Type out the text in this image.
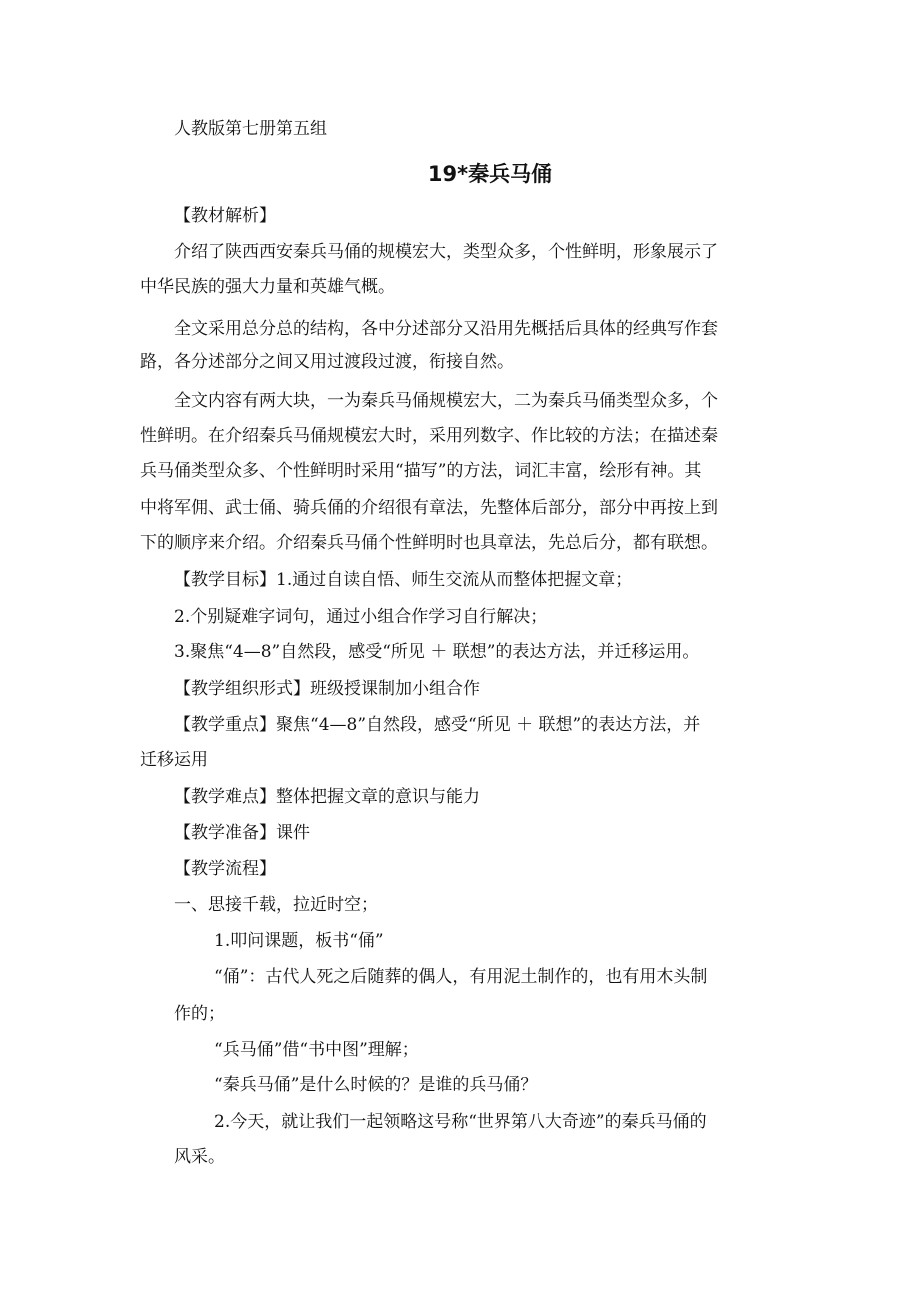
人教版第七册第五组

19*秦兵马俑

【教材解析】

介绍了陕西西安秦兵马俑的规模宏大，类型众多，个性鲜明，形象展示了

中华民族的强大力量和英雄气概。

全文采用总分总的结构，各中分述部分又沿用先概括后具体的经典写作套

路，各分述部分之间又用过渡段过渡，衔接自然。

全文内容有两大块，一为秦兵马俑规模宏大，二为秦兵马俑类型众多，个

性鲜明。在介绍秦兵马俑规模宏大时，采用列数字、作比较的方法；在描述秦

兵马俑类型众多、个性鲜明时采用“描写”的方法，词汇丰富，绘形有神。其

中将军佣、武士俑、骑兵俑的介绍很有章法，先整体后部分，部分中再按上到

下的顺序来介绍。介绍秦兵马俑个性鲜明时也具章法，先总后分，都有联想。

【教学目标】1.通过自读自悟、师生交流从而整体把握文章；

2.个别疑难字词句，通过小组合作学习自行解决；

3.聚焦“4—8”自然段，感受“所见 ＋ 联想”的表达方法，并迁移运用。

【教学组织形式】班级授课制加小组合作

【教学重点】聚焦“4—8”自然段，感受“所见 ＋ 联想”的表达方法，并

迁移运用

【教学难点】整体把握文章的意识与能力

【教学准备】课件

【教学流程】

一、思接千载，拉近时空；

1.叩问课题，板书“俑”

“俑”：古代人死之后随葬的偶人，有用泥土制作的，也有用木头制

作的；

“兵马俑”借“书中图”理解；

“秦兵马俑”是什么时候的？是谁的兵马俑？

2.今天，就让我们一起领略这号称“世界第八大奇迹”的秦兵马俑的

风采。
